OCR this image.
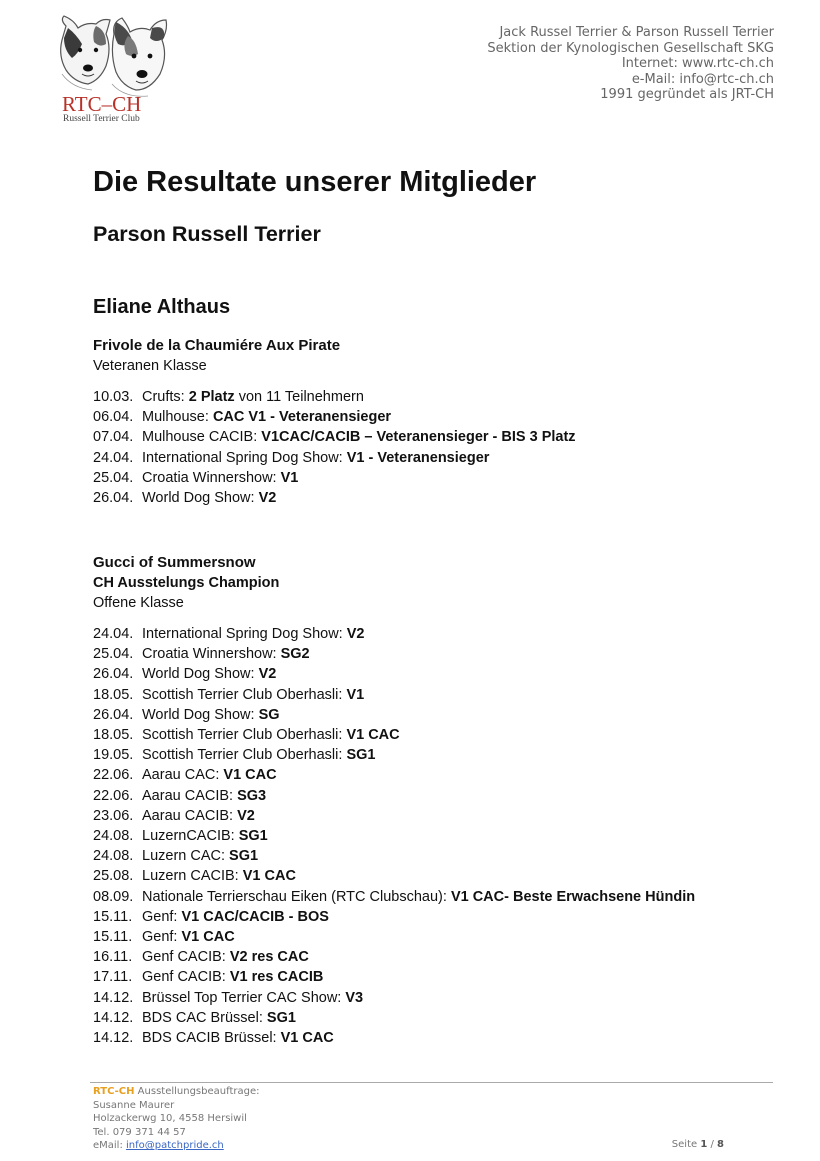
RTC–CH
Russell Terrier Club
Jack Russel Terrier & Parson Russell Terrier
Sektion der Kynologischen Gesellschaft SKG
Internet: www.rtc-ch.ch
e-Mail: info@rtc-ch.ch
1991 gegründet als JRT-CH
Die Resultate unserer Mitglieder
Parson Russell Terrier
Eliane Althaus
Frivole de la Chaumiére Aux Pirate
Veteranen Klasse
10.03. Crufts: 2 Platz von 11 Teilnehmern
06.04. Mulhouse: CAC V1 - Veteranensieger
07.04. Mulhouse CACIB: V1CAC/CACIB – Veteranensieger - BIS 3 Platz
24.04. International Spring Dog Show: V1 - Veteranensieger
25.04. Croatia Winnershow: V1
26.04. World Dog Show: V2
Gucci of Summersnow
CH Ausstelungs Champion
Offene Klasse
24.04. International Spring Dog Show: V2
25.04. Croatia Winnershow: SG2
26.04. World Dog Show: V2
18.05. Scottish Terrier Club Oberhasli: V1
26.04. World Dog Show: SG
18.05. Scottish Terrier Club Oberhasli: V1 CAC
19.05. Scottish Terrier Club Oberhasli: SG1
22.06. Aarau CAC: V1 CAC
22.06. Aarau CACIB: SG3
23.06. Aarau CACIB: V2
24.08. LuzernCACIB: SG1
24.08. Luzern CAC: SG1
25.08. Luzern CACIB: V1 CAC
08.09. Nationale Terrierschau Eiken (RTC Clubschau): V1 CAC- Beste Erwachsene Hündin
15.11. Genf: V1 CAC/CACIB - BOS
15.11. Genf: V1 CAC
16.11. Genf CACIB: V2 res CAC
17.11. Genf CACIB: V1 res CACIB
14.12. Brüssel Top Terrier CAC Show: V3
14.12. BDS CAC Brüssel: SG1
14.12. BDS CACIB Brüssel: V1 CAC
RTC-CH Ausstellungsbeauftrage:
Susanne Maurer
Holzackerwg 10, 4558 Hersiwil
Tel. 079 371 44 57
eMail: info@patchpride.ch	Seite 1 / 8
